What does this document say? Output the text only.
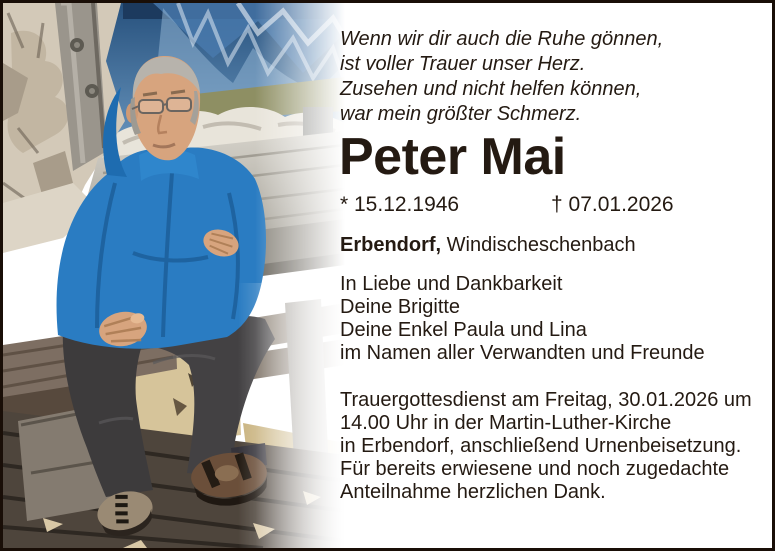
Wenn wir dir auch die Ruhe gönnen,
ist voller Trauer unser Herz.
Zusehen und nicht helfen können,
war mein größter Schmerz.
Peter Mai
* 15.12.1946	† 07.01.2026
Erbendorf, Windischeschenbach
In Liebe und Dankbarkeit
Deine Brigitte
Deine Enkel Paula und Lina
im Namen aller Verwandten und Freunde
Trauergottesdienst am Freitag, 30.01.2026 um
14.00 Uhr in der Martin-Luther-Kirche
in Erbendorf, anschließend Urnenbeisetzung.
Für bereits erwiesene und noch zugedachte
Anteilnahme herzlichen Dank.
